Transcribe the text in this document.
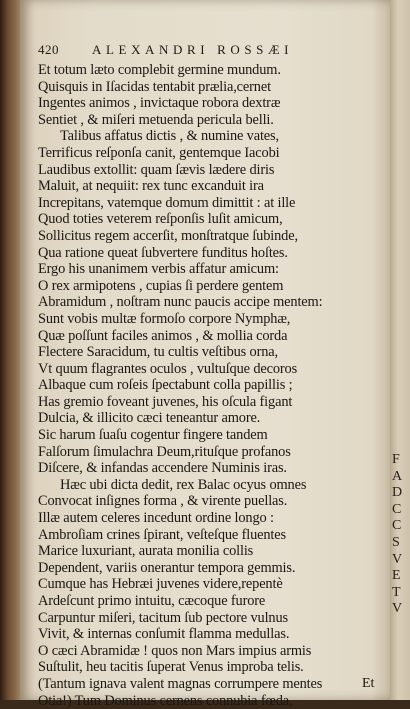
420	ALEXANDRI ROSSÆI
Et totum læto complebit germine mundum.
Quisquis in Iſacidas tentabit prælia,cernet
Ingentes animos , invictaque robora dextræ
Sentiet , & miſeri metuenda pericula belli.
Talibus affatus dictis , & numine vates,
Terrificus reſponſa canit, gentemque Iacobi
Laudibus extollit: quam ſævis lædere diris
Maluit, at nequiit: rex tunc excanduit ira
Increpitans, vatemque domum dimittit : at ille
Quod toties veterem reſponſis luſit amicum,
Sollicitus regem accerſit, monſtratque ſubinde,
Qua ratione queat ſubvertere funditus hoſtes.
Ergo his unanimem verbis affatur amicum:
O rex armipotens , cupias ſi perdere gentem
Abramidum , noſtram nunc paucis accipe mentem:
Sunt vobis multæ formoſo corpore Nymphæ,
Quæ poſſunt faciles animos , & mollia corda
Flectere Saracidum, tu cultis veſtibus orna,
Vt quum flagrantes oculos , vultuſque decoros
Albaque cum roſeis ſpectabunt colla papillis ;
Has gremio foveant juvenes, his oſcula figant
Dulcia, & illicito cæci teneantur amore.
Sic harum ſuaſu cogentur fingere tandem
Falſorum ſimulachra Deum,rituſque profanos
Diſcere, & infandas accendere Numinis iras.
Hæc ubi dicta dedit, rex Balac ocyus omnes
Convocat inſignes forma , & virente puellas.
Illæ autem celeres incedunt ordine longo :
Ambroſiam crines ſpirant, veſteſque fluentes
Marice luxuriant, aurata monilia collis
Dependent, variis onerantur tempora gemmis.
Cumque has Hebræi juvenes videre,repentè
Ardeſcunt primo intuitu, cæcoque furore
Carpuntur miſeri, tacitum ſub pectore vulnus
Vivit, & internas conſumit flamma medullas.
O cæci Abramidæ ! quos non Mars impius armis
Suſtulit, heu tacitis ſuperat Venus improba telis.
(Tantum ignava valent magnas corrumpere mentes
Otia!) Tum Dominus cernens connubia fœda,
Et
F
A
D
C
C
S
V
E
T
V
